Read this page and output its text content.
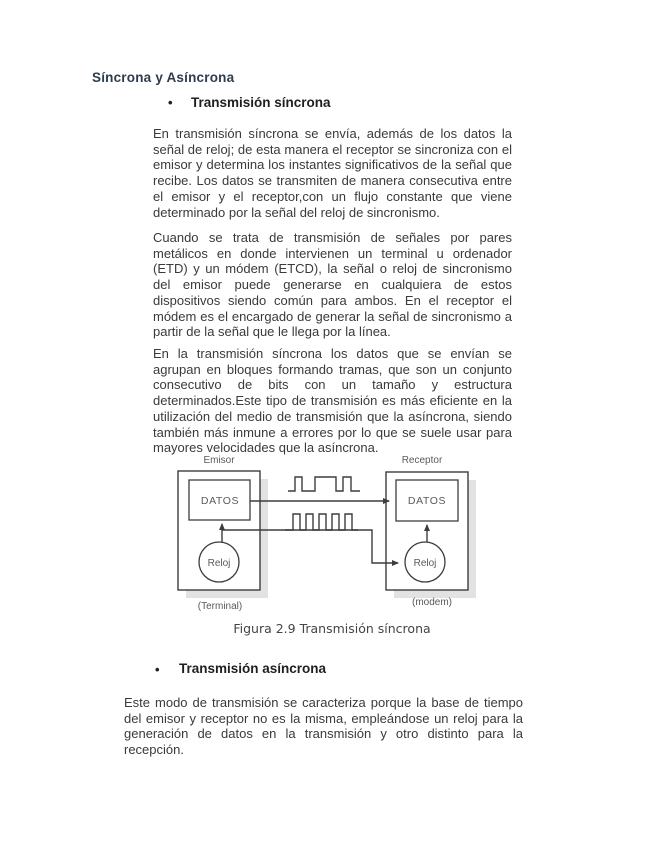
Síncrona y Asíncrona
• Transmisión síncrona

En transmisión síncrona se envía, además de los datos la señal de reloj; de esta manera el receptor se sincroniza con el emisor y determina los instantes significativos de la señal que recibe. Los datos se transmiten de manera consecutiva entre el emisor y el receptor,con un flujo constante que viene determinado por la señal del reloj de sincronismo.

Cuando se trata de transmisión de señales por pares metálicos en donde intervienen un terminal u ordenador (ETD) y un módem (ETCD), la señal o reloj de sincronismo del emisor puede generarse en cualquiera de estos dispositivos siendo común para ambos. En el receptor el módem es el encargado de generar la señal de sincronismo a partir de la señal que le llega por la línea.

En la transmisión síncrona los datos que se envían se agrupan en bloques formando tramas, que son un conjunto consecutivo de bits con un tamaño y estructura determinados.Este tipo de transmisión es más eficiente en la utilización del medio de transmisión que la asíncrona, siendo también más inmune a errores por lo que se suele usar para mayores velocidades que la asíncrona.

Emisor	Receptor
DATOS	DATOS
Reloj	Reloj
(Terminal)	(modem)
Figura 2.9 Transmisión síncrona
• Transmisión asíncrona

Este modo de transmisión se caracteriza porque la base de tiempo del emisor y receptor no es la misma, empleándose un reloj para la generación de datos en la transmisión y otro distinto para la recepción.
